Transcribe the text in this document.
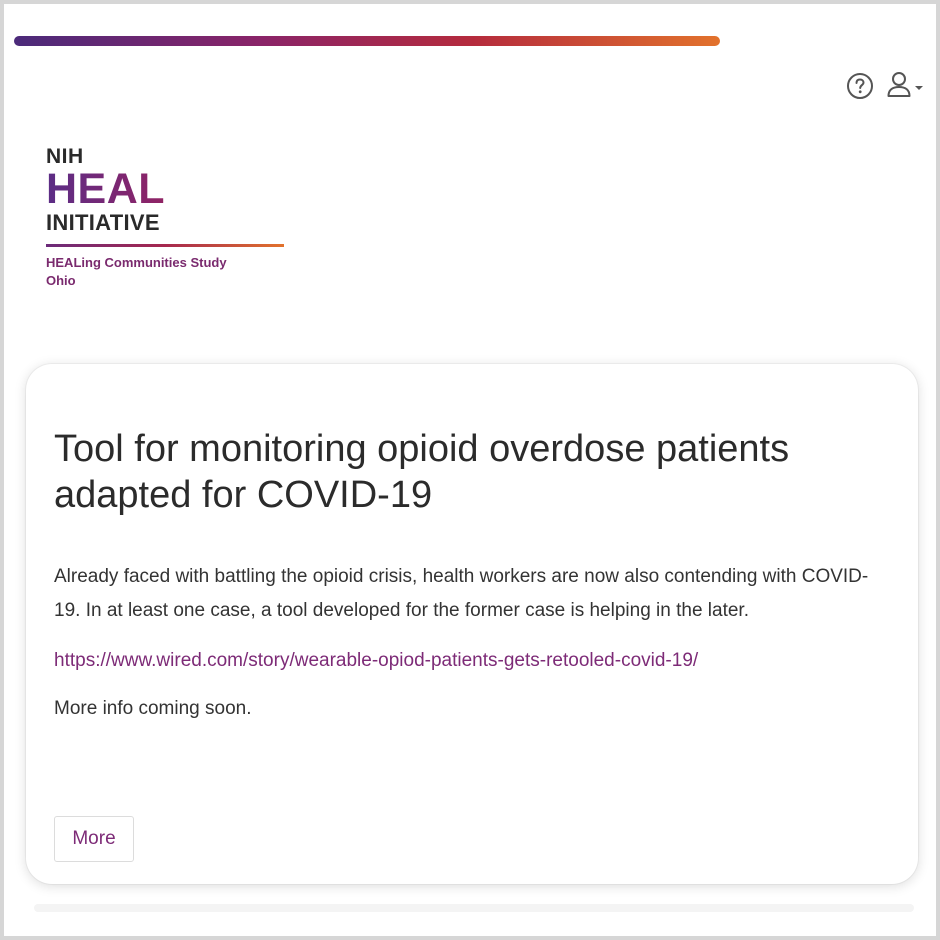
NIH
HEAL
INITIATIVE
HEALing Communities Study
Ohio
Tool for monitoring opioid overdose patients adapted for COVID-19

Already faced with battling the opioid crisis, health workers are now also contending with COVID-19. In at least one case, a tool developed for the former case is helping in the later.

https://www.wired.com/story/wearable-opiod-patients-gets-retooled-covid-19/
More info coming soon.
More
